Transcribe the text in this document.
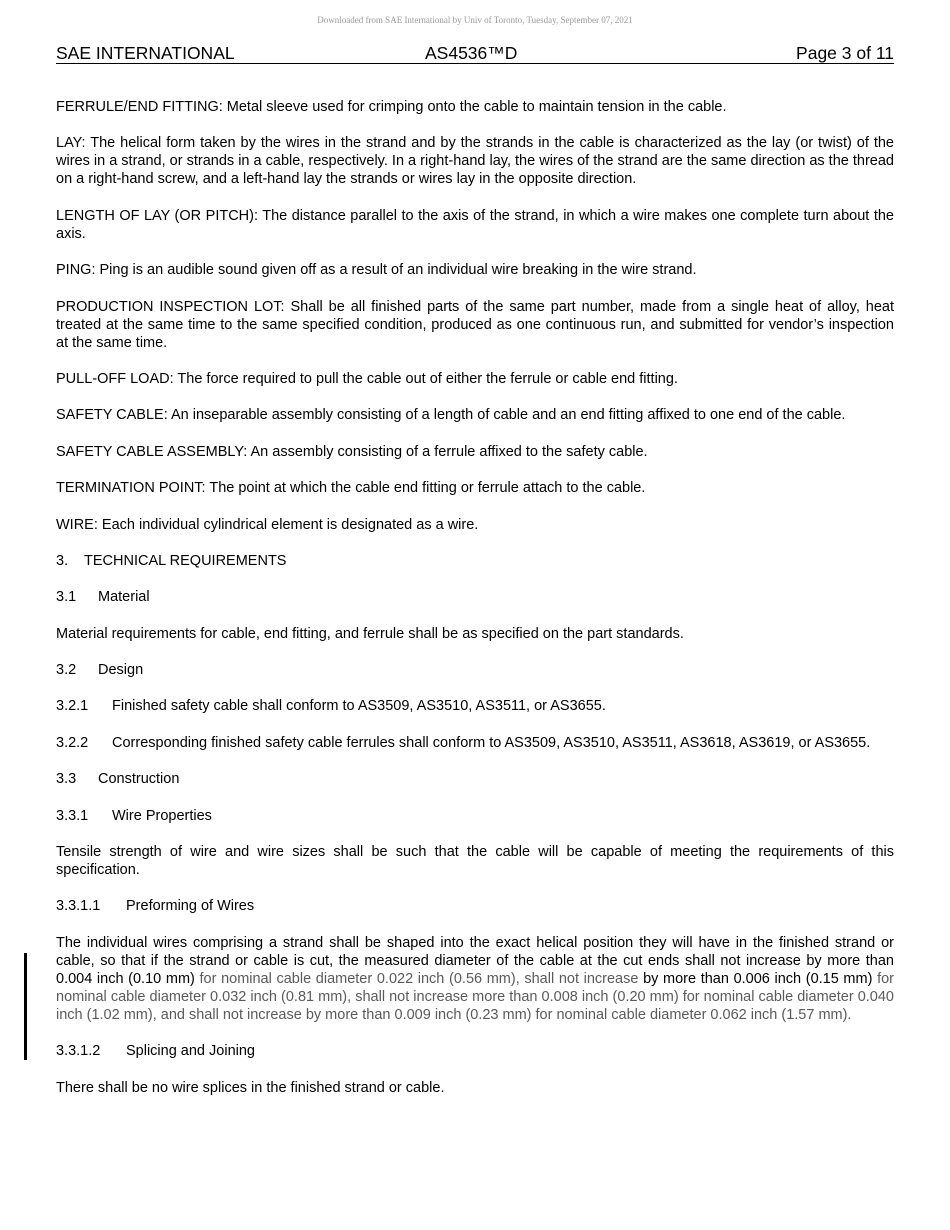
Downloaded from SAE International by Univ of Toronto, Tuesday, September 07, 2021
SAE INTERNATIONAL	AS4536™D	Page 3 of 11

FERRULE/END FITTING: Metal sleeve used for crimping onto the cable to maintain tension in the cable.

LAY: The helical form taken by the wires in the strand and by the strands in the cable is characterized as the lay (or twist) of the wires in a strand, or strands in a cable, respectively. In a right-hand lay, the wires of the strand are the same direction as the thread on a right-hand screw, and a left-hand lay the strands or wires lay in the opposite direction.

LENGTH OF LAY (OR PITCH): The distance parallel to the axis of the strand, in which a wire makes one complete turn about the axis.

PING: Ping is an audible sound given off as a result of an individual wire breaking in the wire strand.

PRODUCTION INSPECTION LOT: Shall be all finished parts of the same part number, made from a single heat of alloy, heat treated at the same time to the same specified condition, produced as one continuous run, and submitted for vendor’s inspection at the same time.

PULL-OFF LOAD: The force required to pull the cable out of either the ferrule or cable end fitting.

SAFETY CABLE: An inseparable assembly consisting of a length of cable and an end fitting affixed to one end of the cable.

SAFETY CABLE ASSEMBLY: An assembly consisting of a ferrule affixed to the safety cable.

TERMINATION POINT: The point at which the cable end fitting or ferrule attach to the cable.

WIRE: Each individual cylindrical element is designated as a wire.

3. TECHNICAL REQUIREMENTS
3.1 Material

Material requirements for cable, end fitting, and ferrule shall be as specified on the part standards.

3.2 Design
3.2.1	Finished safety cable shall conform to AS3509, AS3510, AS3511, or AS3655.
3.2.2	Corresponding finished safety cable ferrules shall conform to AS3509, AS3510, AS3511, AS3618, AS3619, or AS3655.
3.3 Construction
3.3.1 Wire Properties

Tensile strength of wire and wire sizes shall be such that the cable will be capable of meeting the requirements of this specification.

3.3.1.1 Preforming of Wires

The individual wires comprising a strand shall be shaped into the exact helical position they will have in the finished strand or cable, so that if the strand or cable is cut, the measured diameter of the cable at the cut ends shall not increase by more than 0.004 inch (0.10 mm) for nominal cable diameter 0.022 inch (0.56 mm), shall not increase by more than 0.006 inch (0.15 mm) for nominal cable diameter 0.032 inch (0.81 mm), shall not increase more than 0.008 inch (0.20 mm) for nominal cable diameter 0.040 inch (1.02 mm), and shall not increase by more than 0.009 inch (0.23 mm) for nominal cable diameter 0.062 inch (1.57 mm).

3.3.1.2 Splicing and Joining

There shall be no wire splices in the finished strand or cable.
